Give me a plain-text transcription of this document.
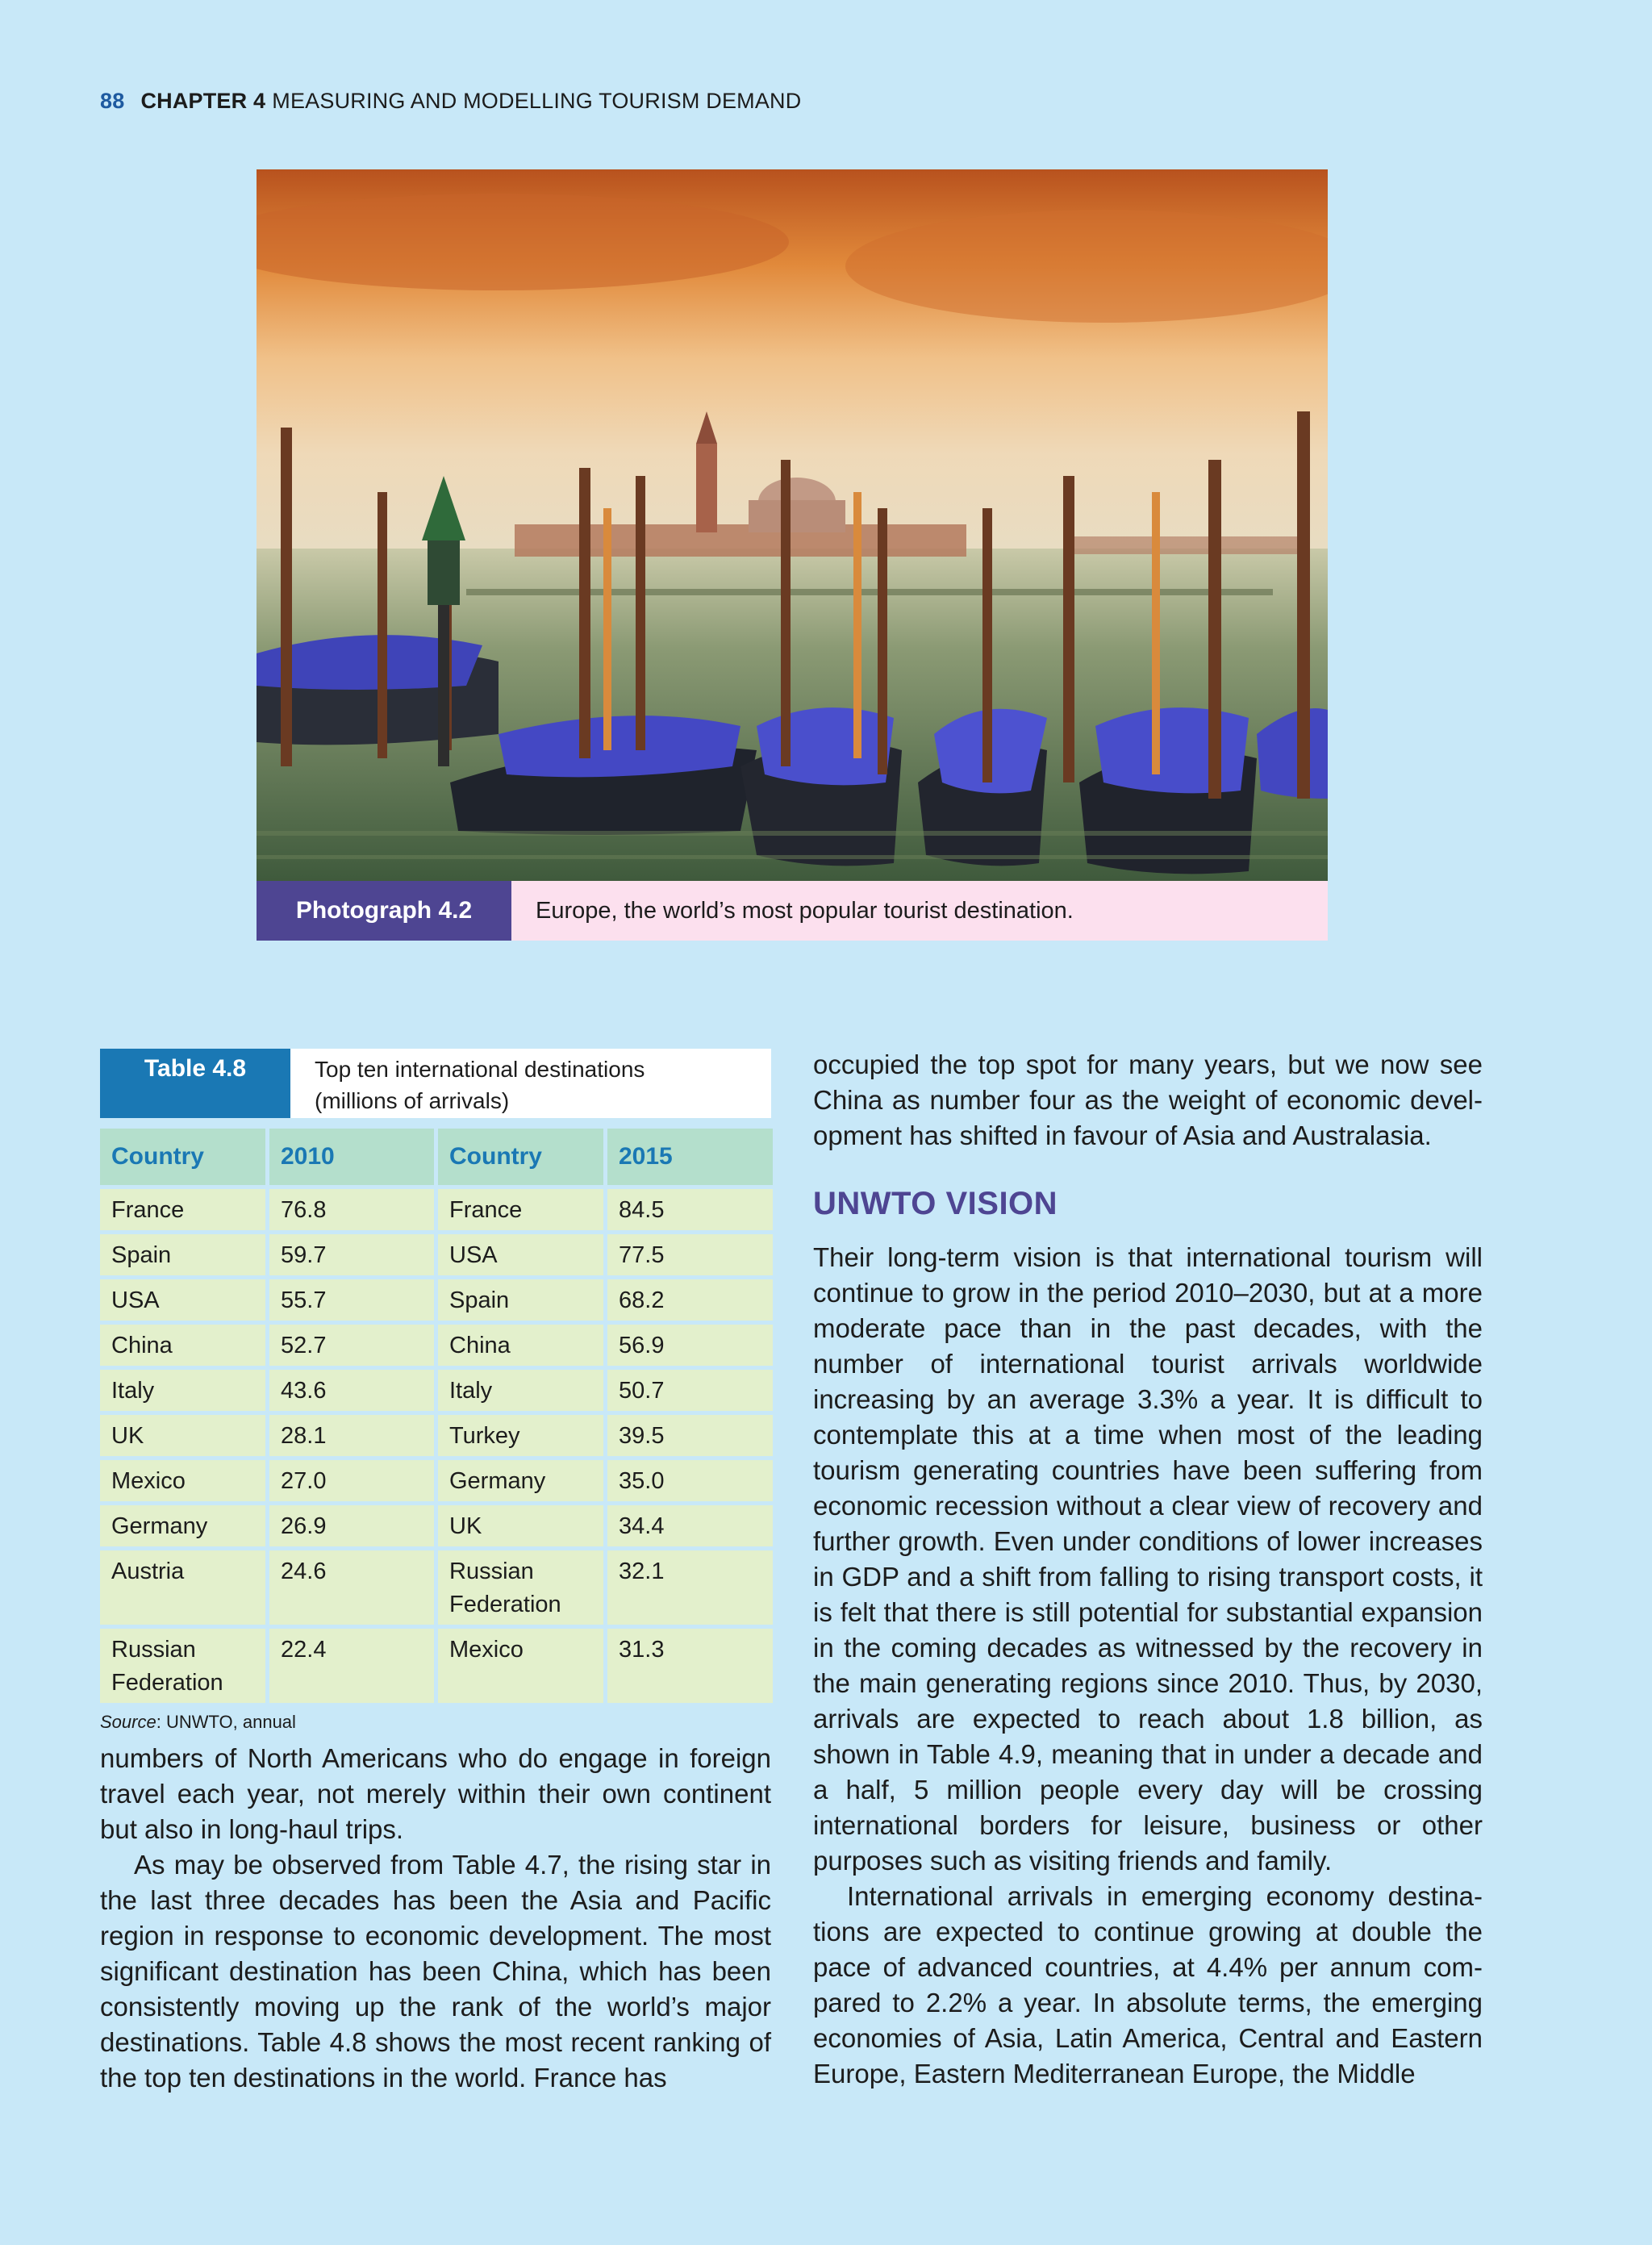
88 CHAPTER 4 MEASURING AND MODELLING TOURISM DEMAND
Photograph 4.2	Europe, the world’s most popular tourist destination.
Table 4.8	Top ten international destinations
(millions of arrivals)
Country	2010	Country	2015
France	76.8	France	84.5
Spain	59.7	USA	77.5
USA	55.7	Spain	68.2
China	52.7	China	56.9
Italy	43.6	Italy	50.7
UK	28.1	Turkey	39.5
Mexico	27.0	Germany	35.0
Germany	26.9	UK	34.4
Austria	24.6	Russian Federation	32.1
Russian Federation	22.4	Mexico	31.3
Source: UNWTO, annual

numbers of North Americans who do engage in foreign travel each year, not merely within their own continent but also in long-haul trips.

As may be observed from Table 4.7, the rising star in the last three decades has been the Asia and Pacific region in response to economic development. The most significant destination has been China, which has been consistently moving up the rank of the world’s major destinations. Table 4.8 shows the most recent ranking of the top ten destinations in the world. France has

occupied the top spot for many years, but we now see China as number four as the weight of economic development has shifted in favour of Asia and Australasia.

UNWTO VISION

Their long-term vision is that international tourism will continue to grow in the period 2010–2030, but at a more moderate pace than in the past decades, with the number of international tourist arrivals worldwide increasing by an average 3.3% a year. It is difficult to contemplate this at a time when most of the leading tourism generating countries have been suffering from economic recession without a clear view of recovery and further growth. Even under conditions of lower increases in GDP and a shift from falling to rising transport costs, it is felt that there is still potential for substantial expansion in the coming decades as witnessed by the recovery in the main generating regions since 2010. Thus, by 2030, arrivals are expected to reach about 1.8 billion, as shown in Table 4.9, meaning that in under a decade and a half, 5 million people every day will be crossing international borders for leisure, business or other purposes such as visiting friends and family.

International arrivals in emerging economy destinations are expected to continue growing at double the pace of advanced countries, at 4.4% per annum compared to 2.2% a year. In absolute terms, the emerging economies of Asia, Latin America, Central and Eastern Europe, Eastern Mediterranean Europe, the Middle
